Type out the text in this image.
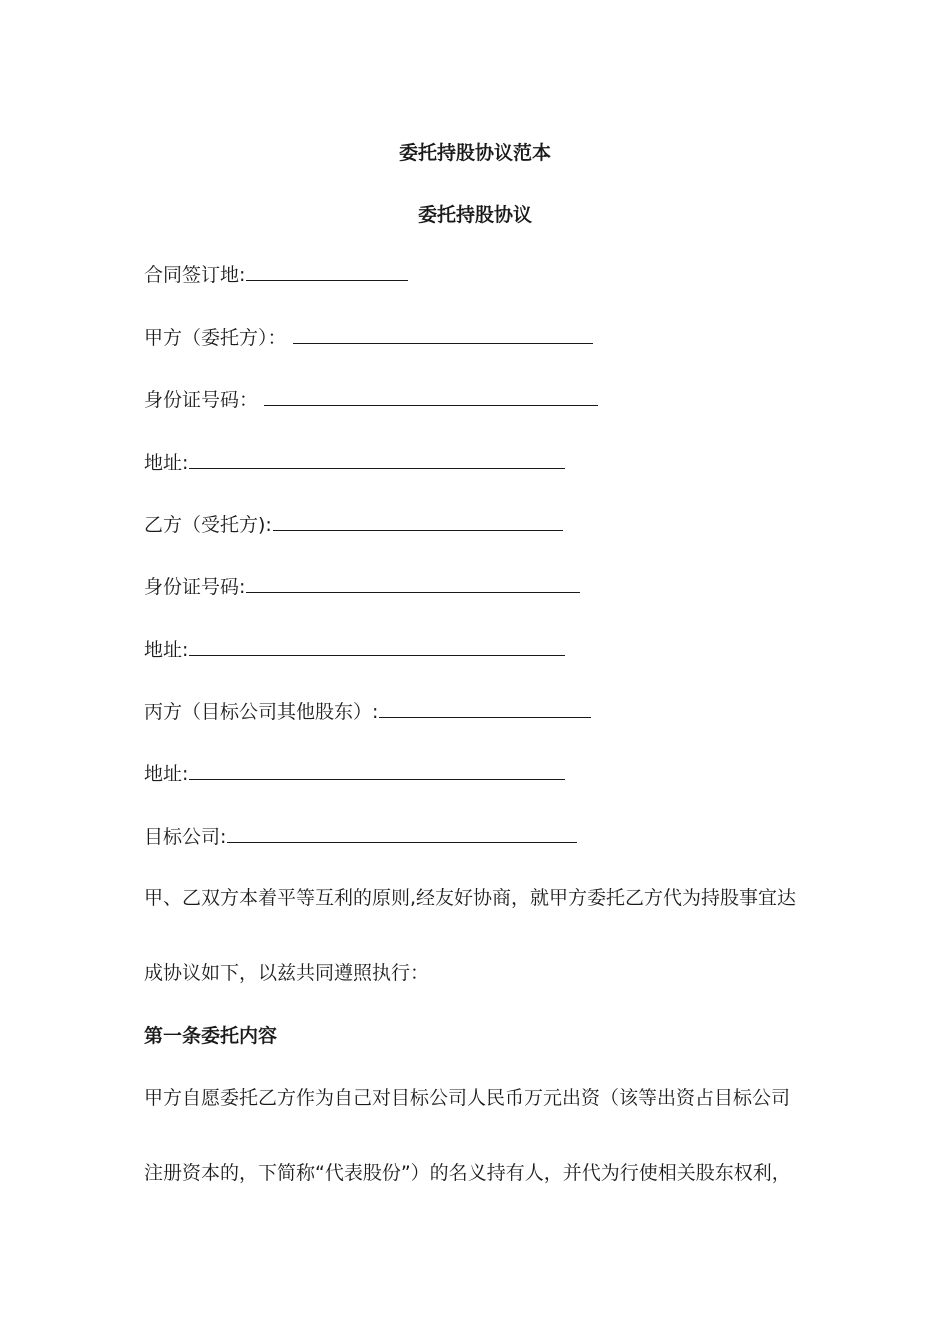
委托持股协议范本
委托持股协议
合同签订地:
甲方（委托方）：
身份证号码：
地址:
乙方（受托方):
身份证号码:
地址:
丙方（目标公司其他股东）:
地址:
目标公司:
甲、乙双方本着平等互利的原则,经友好协商，就甲方委托乙方代为持股事宜达
成协议如下，以兹共同遵照执行：
第一条委托内容
甲方自愿委托乙方作为自己对目标公司人民币万元出资（该等出资占目标公司
注册资本的，下简称“代表股份”）的名义持有人，并代为行使相关股东权利，
